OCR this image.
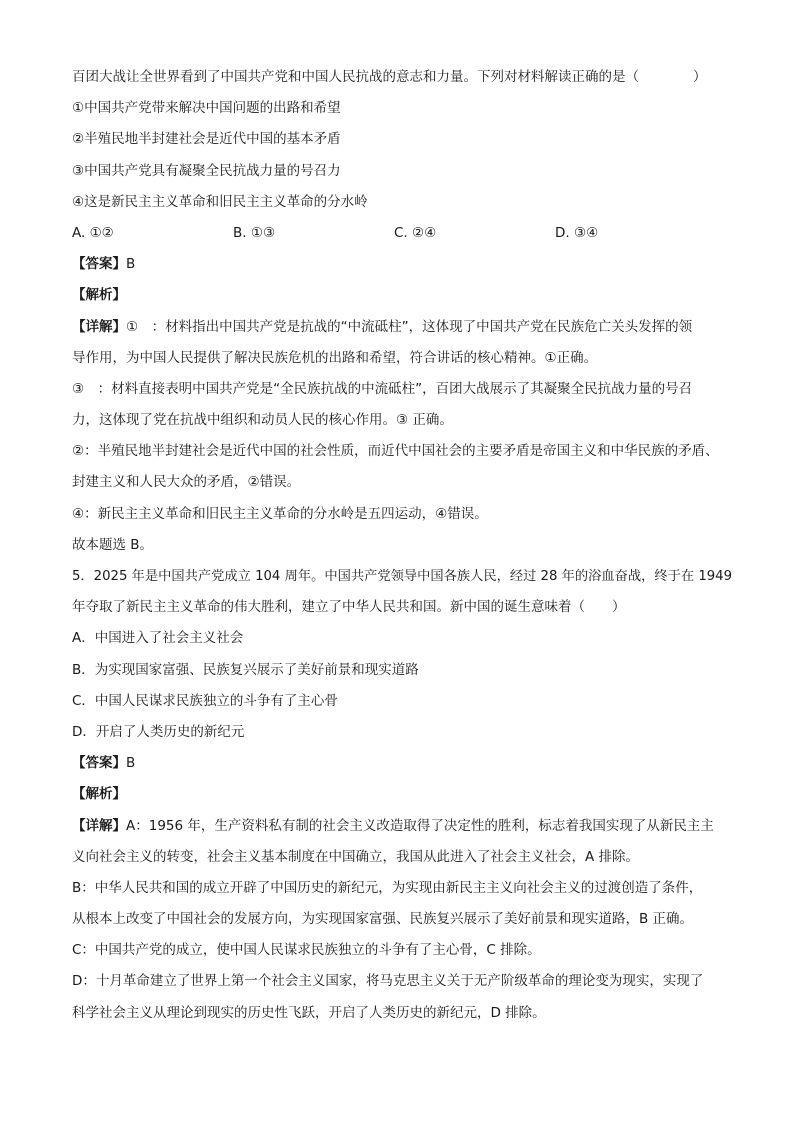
百团大战让全世界看到了中国共产党和中国人民抗战的意志和力量。下列对材料解读正确的是（　　　　）
①中国共产党带来解决中国问题的出路和希望
②半殖民地半封建社会是近代中国的基本矛盾
③中国共产党具有凝聚全民抗战力量的号召力
④这是新民主主义革命和旧民主主义革命的分水岭
A. ①②	B. ①③	C. ②④	D. ③④
【答案】B
【解析】
【详解】①　：材料指出中国共产党是抗战的“中流砥柱”，这体现了中国共产党在民族危亡关头发挥的领
导作用，为中国人民提供了解决民族危机的出路和希望，符合讲话的核心精神。①正确。
③　：材料直接表明中国共产党是“全民族抗战的中流砥柱”，百团大战展示了其凝聚全民抗战力量的号召
力，这体现了党在抗战中组织和动员人民的核心作用。③ 正确。
②：半殖民地半封建社会是近代中国的社会性质，而近代中国社会的主要矛盾是帝国主义和中华民族的矛盾、
封建主义和人民大众的矛盾，②错误。
④：新民主主义革命和旧民主主义革命的分水岭是五四运动，④错误。
故本题选 B。
5．2025 年是中国共产党成立 104 周年。中国共产党领导中国各族人民，经过 28 年的浴血奋战，终于在 1949
年夺取了新民主主义革命的伟大胜利，建立了中华人民共和国。新中国的诞生意味着（　　）
A．中国进入了社会主义社会
B．为实现国家富强、民族复兴展示了美好前景和现实道路
C．中国人民谋求民族独立的斗争有了主心骨
D．开启了人类历史的新纪元
【答案】B
【解析】
【详解】A：1956 年，生产资料私有制的社会主义改造取得了决定性的胜利，标志着我国实现了从新民主主
义向社会主义的转变，社会主义基本制度在中国确立，我国从此进入了社会主义社会，A 排除。
B：中华人民共和国的成立开辟了中国历史的新纪元，为实现由新民主主义向社会主义的过渡创造了条件，
从根本上改变了中国社会的发展方向，为实现国家富强、民族复兴展示了美好前景和现实道路，B 正确。
C：中国共产党的成立，使中国人民谋求民族独立的斗争有了主心骨，C 排除。
D：十月革命建立了世界上第一个社会主义国家，将马克思主义关于无产阶级革命的理论变为现实，实现了
科学社会主义从理论到现实的历史性飞跃，开启了人类历史的新纪元，D 排除。
